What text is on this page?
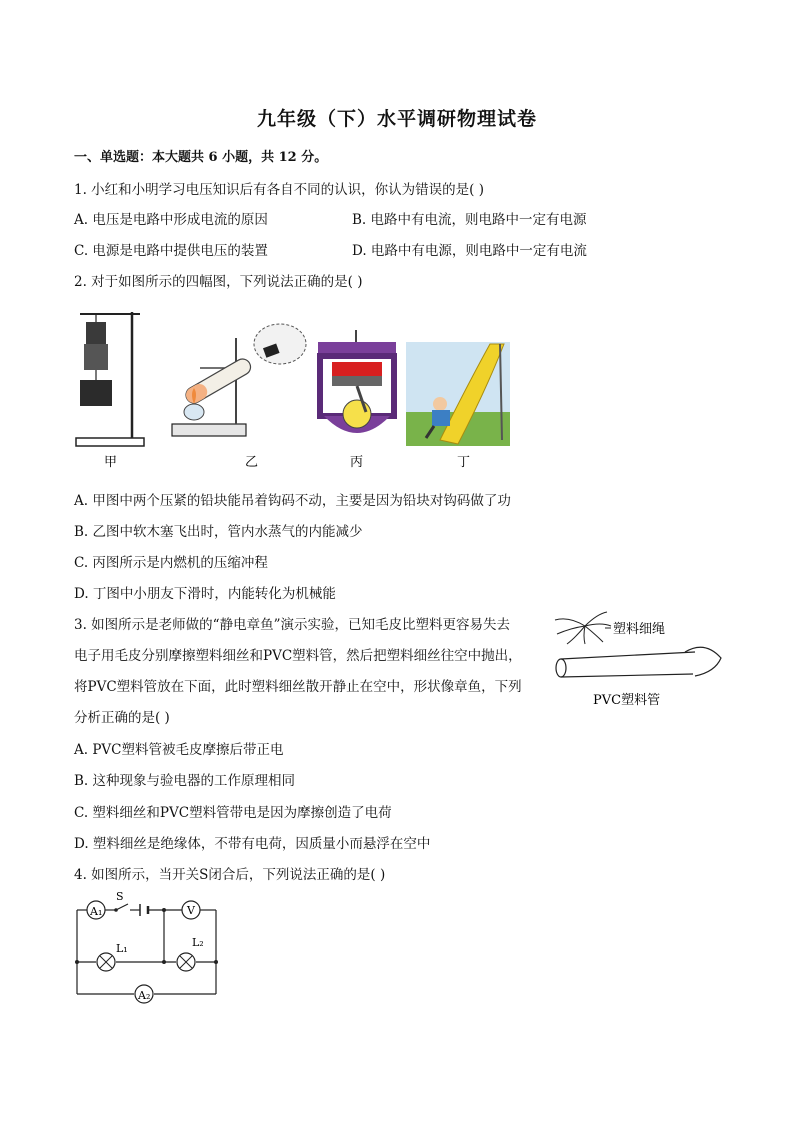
九年级（下）水平调研物理试卷
一、单选题：本大题共 6 小题，共 12 分。
1. 小红和小明学习电压知识后有各自不同的认识，你认为错误的是( )
A. 电压是电路中形成电流的原因	B. 电路中有电流，则电路中一定有电源
C. 电源是电路中提供电压的装置	D. 电路中有电源，则电路中一定有电流
2. 对于如图所示的四幅图，下列说法正确的是( )
甲	乙	丙	丁
A. 甲图中两个压紧的铅块能吊着钩码不动，主要是因为铅块对钩码做了功
B. 乙图中软木塞飞出时，管内水蒸气的内能减少
C. 丙图所示是内燃机的压缩冲程
D. 丁图中小朋友下滑时，内能转化为机械能
3. 如图所示是老师做的“静电章鱼”演示实验，已知毛皮比塑料更容易失去
电子用毛皮分别摩擦塑料细丝和PVC塑料管，然后把塑料细丝往空中抛出，
将PVC塑料管放在下面，此时塑料细丝散开静止在空中，形状像章鱼，下列
分析正确的是( )
塑料细绳
PVC塑料管
A. PVC塑料管被毛皮摩擦后带正电
B. 这种现象与验电器的工作原理相同
C. 塑料细丝和PVC塑料管带电是因为摩擦创造了电荷
D. 塑料细丝是绝缘体，不带有电荷，因质量小而悬浮在空中
4. 如图所示，当开关S闭合后，下列说法正确的是( )
A₁
S
V
L₁	L₂
A₂
